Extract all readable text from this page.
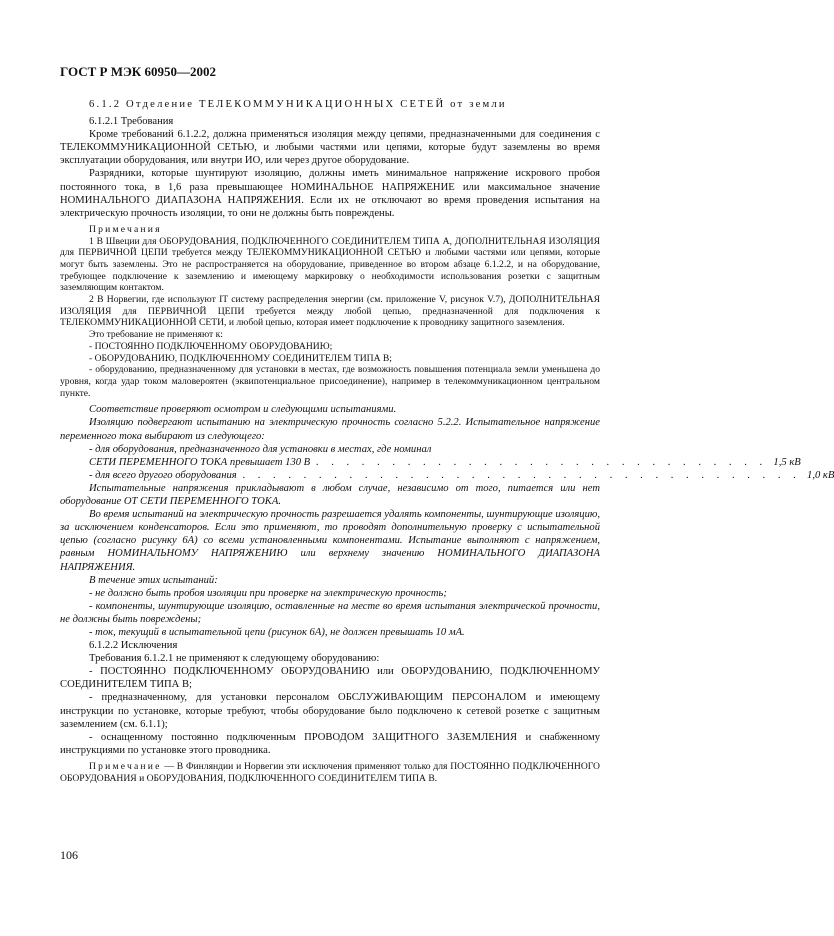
ГОСТ Р МЭК 60950—2002

6.1.2 Отделение ТЕЛЕКОММУНИКАЦИОННЫХ СЕТЕЙ от земли

6.1.2.1 Требования

Кроме требований 6.1.2.2, должна применяться изоляция между цепями, предназначенными для соединения с ТЕЛЕКОММУНИКАЦИОННОЙ СЕТЬЮ, и любыми частями или цепями, которые будут заземлены во время эксплуатации оборудования, или внутри ИО, или через другое оборудование.

Разрядники, которые шунтируют изоляцию, должны иметь минимальное напряжение искрового пробоя постоянного тока, в 1,6 раза превышающее НОМИНАЛЬНОЕ НАПРЯЖЕНИЕ или максимальное значение НОМИНАЛЬНОГО ДИАПАЗОНА НАПРЯЖЕНИЯ. Если их не отключают во время проведения испытания на электрическую прочность изоляции, то они не должны быть повреждены.

Примечания

1 В Швеции для ОБОРУДОВАНИЯ, ПОДКЛЮЧЕННОГО СОЕДИНИТЕЛЕМ ТИПА А, ДОПОЛНИТЕЛЬНАЯ ИЗОЛЯЦИЯ для ПЕРВИЧНОЙ ЦЕПИ требуется между ТЕЛЕКОММУНИКАЦИОННОЙ СЕТЬЮ и любыми частями или цепями, которые могут быть заземлены. Это не распространяется на оборудование, приведенное во втором абзаце 6.1.2.2, и на оборудование, требующее подключение к заземлению и имеющему маркировку о необходимости использования розетки с защитным заземляющим контактом.

2 В Норвегии, где используют IT систему распределения энергии (см. приложение V, рисунок V.7), ДОПОЛНИТЕЛЬНАЯ ИЗОЛЯЦИЯ для ПЕРВИЧНОЙ ЦЕПИ требуется между любой цепью, предназначенной для подключения к ТЕЛЕКОММУНИКАЦИОННОЙ СЕТИ, и любой цепью, которая имеет подключение к проводнику защитного заземления.

Это требование не применяют к:

- ПОСТОЯННО ПОДКЛЮЧЕННОМУ ОБОРУДОВАНИЮ;

- ОБОРУДОВАНИЮ, ПОДКЛЮЧЕННОМУ СОЕДИНИТЕЛЕМ ТИПА В;

- оборудованию, предназначенному для установки в местах, где возможность повышения потенциала земли уменьшена до уровня, когда удар током маловероятен (эквипотенциальное присоединение), например в телекоммуникационном центральном пункте.

Соответствие проверяют осмотром и следующими испытаниями.

Изоляцию подвергают испытанию на электрическую прочность согласно 5.2.2. Испытательное напряжение переменного тока выбирают из следующего:

- для оборудования, предназначенного для установки в местах, где номинал

СЕТИ ПЕРЕМЕННОГО ТОКА превышает 130 В . . . . . . . . . . . . . . . . . . . . . . . . . . . . . . 1,5 кВ
- для всего другого оборудования . . . . . . . . . . . . . . . . . . . . . . . . . . . . . . . . . . . . . 1,0 кВ

Испытательные напряжения прикладывают в любом случае, независимо от того, питается или нет оборудование ОТ СЕТИ ПЕРЕМЕННОГО ТОКА.

Во время испытаний на электрическую прочность разрешается удалять компоненты, шунтирующие изоляцию, за исключением конденсаторов. Если это применяют, то проводят дополнительную проверку с испытательной цепью (согласно рисунку 6А) со всеми установленными компонентами. Испытание выполняют с напряжением, равным НОМИНАЛЬНОМУ НАПРЯЖЕНИЮ или верхнему значению НОМИНАЛЬНОГО ДИАПАЗОНА НАПРЯЖЕНИЯ.

В течение этих испытаний:

- не должно быть пробоя изоляции при проверке на электрическую прочность;

- компоненты, шунтирующие изоляцию, оставленные на месте во время испытания электрической прочности, не должны быть повреждены;

- ток, текущий в испытательной цепи (рисунок 6А), не должен превышать 10 мА.

6.1.2.2 Исключения

Требования 6.1.2.1 не применяют к следующему оборудованию:

- ПОСТОЯННО ПОДКЛЮЧЕННОМУ ОБОРУДОВАНИЮ или ОБОРУДОВАНИЮ, ПОДКЛЮЧЕННОМУ СОЕДИНИТЕЛЕМ ТИПА В;

- предназначенному, для установки персоналом ОБСЛУЖИВАЮЩИМ ПЕРСОНАЛОМ и имеющему инструкции по установке, которые требуют, чтобы оборудование было подключено к сетевой розетке с защитным заземлением (см. 6.1.1);

- оснащенному постоянно подключенным ПРОВОДОМ ЗАЩИТНОГО ЗАЗЕМЛЕНИЯ и снабженному инструкциями по установке этого проводника.

Примечание — В Финляндии и Норвегии эти исключения применяют только для ПОСТОЯННО ПОДКЛЮЧЕННОГО ОБОРУДОВАНИЯ и ОБОРУДОВАНИЯ, ПОДКЛЮЧЕННОГО СОЕДИНИТЕЛЕМ ТИПА В.

106
